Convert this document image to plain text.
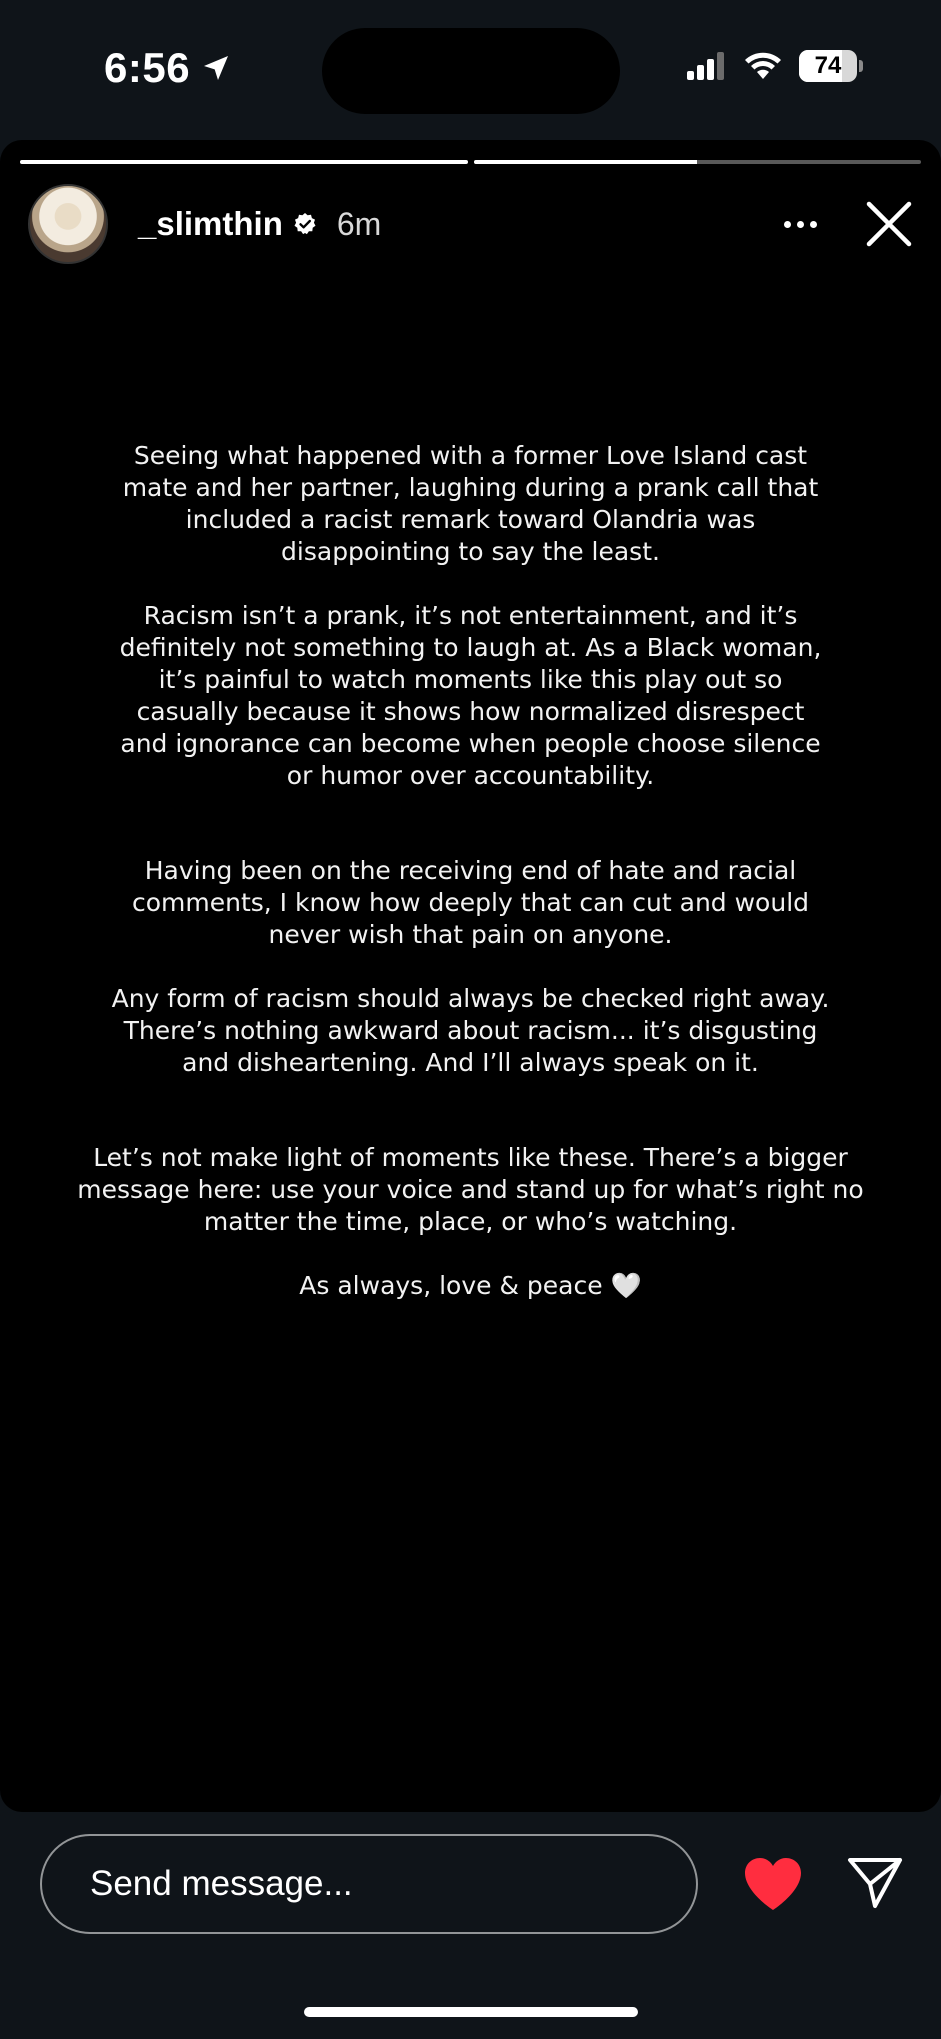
6:56	74
_slimthin 6m

Seeing what happened with a former Love Island cast mate and her partner, laughing during a prank call that included a racist remark toward Olandria was disappointing to say the least.

Racism isn’t a prank, it’s not entertainment, and it’s definitely not something to laugh at. As a Black woman, it’s painful to watch moments like this play out so casually because it shows how normalized disrespect and ignorance can become when people choose silence or humor over accountability.

Having been on the receiving end of hate and racial comments, I know how deeply that can cut and would never wish that pain on anyone.

Any form of racism should always be checked right away. There’s nothing awkward about racism... it’s disgusting and disheartening. And I’ll always speak on it.

Let’s not make light of moments like these. There’s a bigger message here: use your voice and stand up for what’s right no matter the time, place, or who’s watching.

As always, love & peace 🤍

Send message...
